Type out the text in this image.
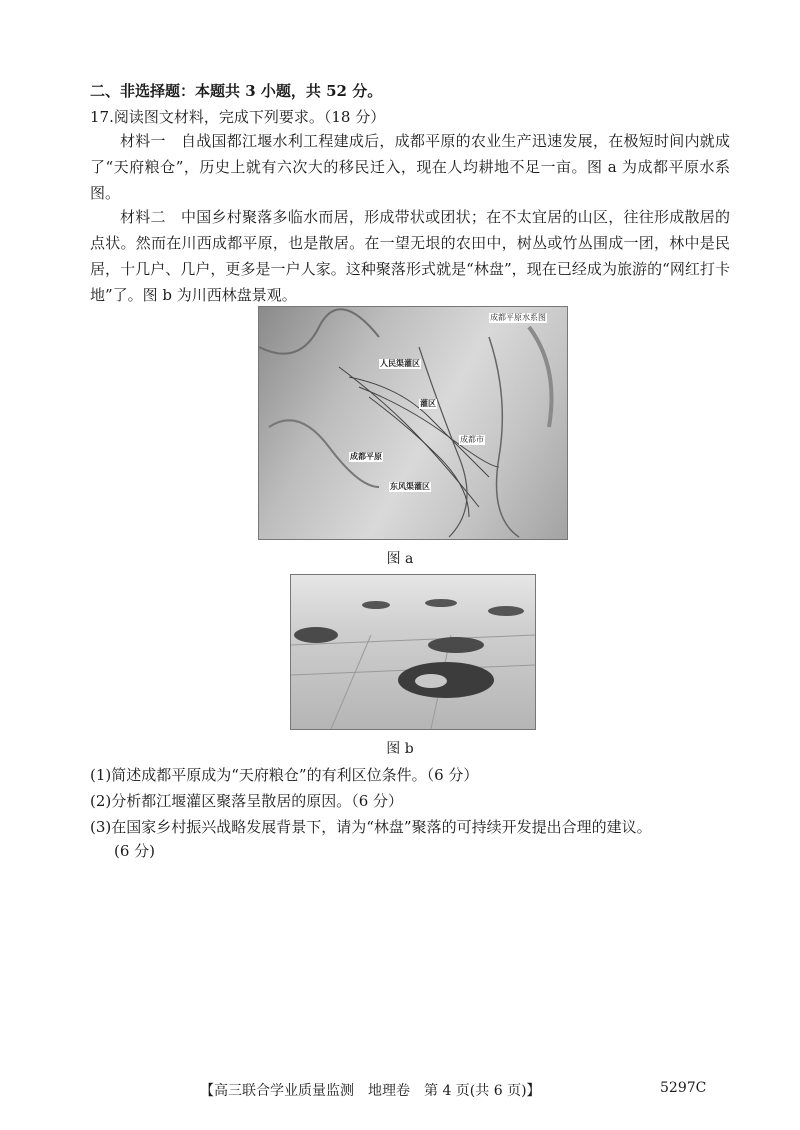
二、非选择题：本题共 3 小题，共 52 分。
17.阅读图文材料，完成下列要求。（18 分）
材料一　自战国都江堰水利工程建成后，成都平原的农业生产迅速发展，在极短时间内就成了“天府粮仓”，历史上就有六次大的移民迁入，现在人均耕地不足一亩。图 a 为成都平原水系图。
材料二　中国乡村聚落多临水而居，形成带状或团状；在不太宜居的山区，往往形成散居的点状。然而在川西成都平原，也是散居。在一望无垠的农田中，树丛或竹丛围成一团，林中是民居，十几户、几户，更多是一户人家。这种聚落形式就是“林盘”，现在已经成为旅游的“网红打卡地”了。图 b 为川西林盘景观。
成都平原水系图
人民渠灌区
成都平原
成都市
东风渠灌区
灌区
图 a
图 b
(1)简述成都平原成为“天府粮仓”的有利区位条件。（6 分）
(2)分析都江堰灌区聚落呈散居的原因。（6 分）
(3)在国家乡村振兴战略发展背景下，请为“林盘”聚落的可持续开发提出合理的建议。
(6 分)
【高三联合学业质量监测　地理卷　第 4 页(共 6 页)】	5297C
